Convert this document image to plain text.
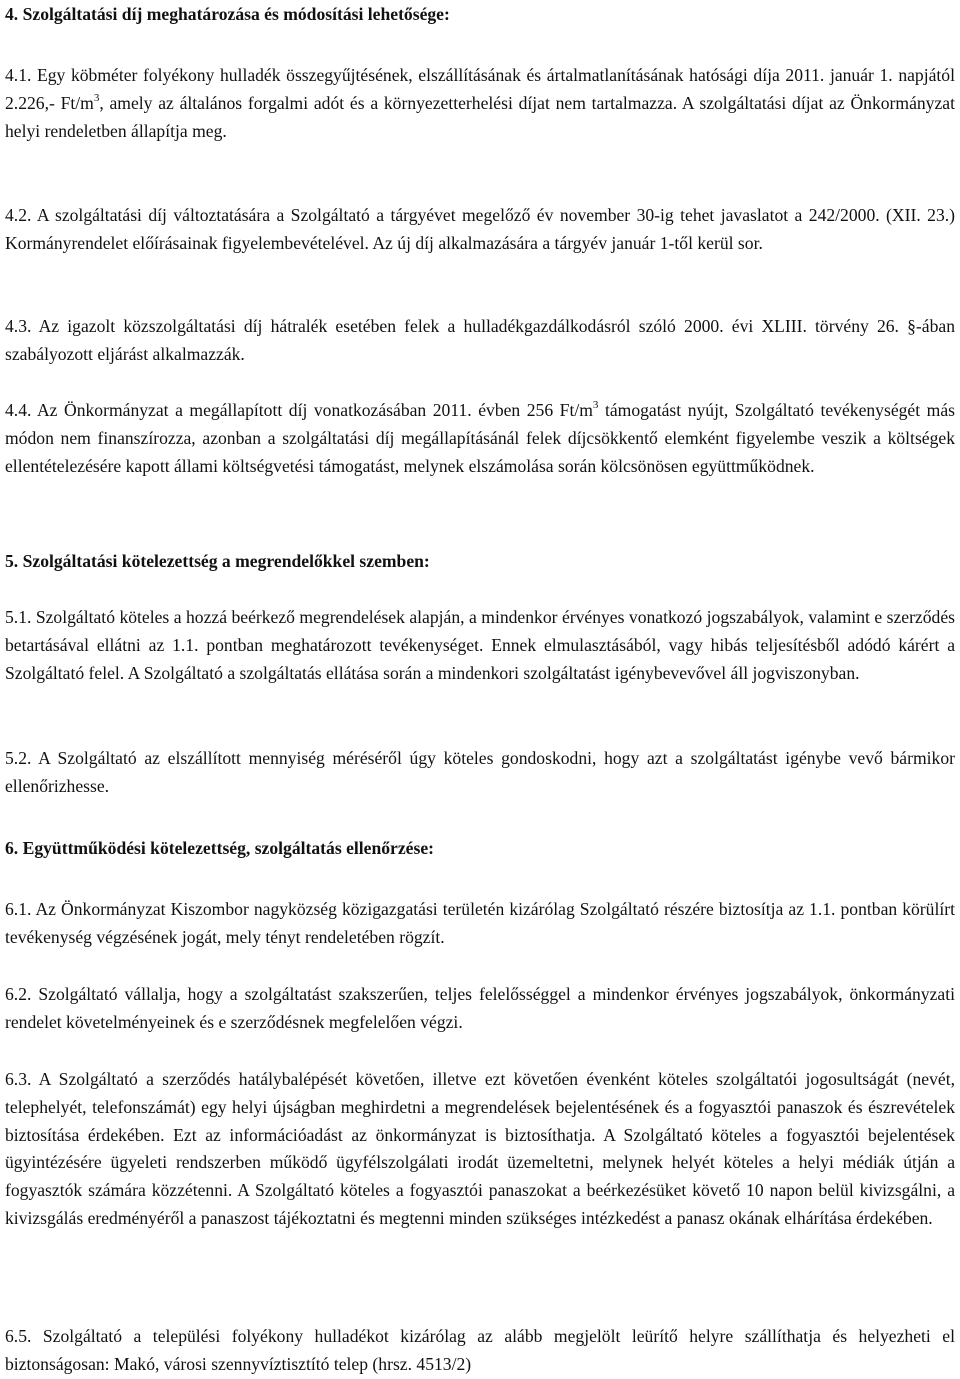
4. Szolgáltatási díj meghatározása és módosítási lehetősége:

4.1. Egy köbméter folyékony hulladék összegyűjtésének, elszállításának és ártalmatlanításának hatósági díja 2011. január 1. napjától 2.226,- $Ft/m^3$, amely az általános forgalmi adót és a környezetterhelési díjat nem tartalmazza. A szolgáltatási díjat az Önkormányzat helyi rendeletben állapítja meg.

4.2. A szolgáltatási díj változtatására a Szolgáltató a tárgyévet megelőző év november 30-ig tehet javaslatot a 242/2000. (XII. 23.) Kormányrendelet előírásainak figyelembevételével. Az új díj alkalmazására a tárgyév január 1-től kerül sor.

4.3. Az igazolt közszolgáltatási díj hátralék esetében felek a hulladékgazdálkodásról szóló 2000. évi XLIII. törvény 26. §-ában szabályozott eljárást alkalmazzák.

4.4. Az Önkormányzat a megállapított díj vonatkozásában 2011. évben 256 $Ft/m^3$ támogatást nyújt, Szolgáltató tevékenységét más módon nem finanszírozza, azonban a szolgáltatási díj megállapításánál felek díjcsökkentő elemként figyelembe veszik a költségek ellentételezésére kapott állami költségvetési támogatást, melynek elszámolása során kölcsönösen együttműködnek.

5. Szolgáltatási kötelezettség a megrendelőkkel szemben:

5.1. Szolgáltató köteles a hozzá beérkező megrendelések alapján, a mindenkor érvényes vonatkozó jogszabályok, valamint e szerződés betartásával ellátni az 1.1. pontban meghatározott tevékenységet. Ennek elmulasztásából, vagy hibás teljesítésből adódó kárért a Szolgáltató felel. A Szolgáltató a szolgáltatás ellátása során a mindenkori szolgáltatást igénybevevővel áll jogviszonyban.

5.2. A Szolgáltató az elszállított mennyiség méréséről úgy köteles gondoskodni, hogy azt a szolgáltatást igénybe vevő bármikor ellenőrizhesse.

6. Együttműködési kötelezettség, szolgáltatás ellenőrzése:

6.1. Az Önkormányzat Kiszombor nagyközség közigazgatási területén kizárólag Szolgáltató részére biztosítja az 1.1. pontban körülírt tevékenység végzésének jogát, mely tényt rendeletében rögzít.

6.2. Szolgáltató vállalja, hogy a szolgáltatást szakszerűen, teljes felelősséggel a mindenkor érvényes jogszabályok, önkormányzati rendelet követelményeinek és e szerződésnek megfelelően végzi.

6.3. A Szolgáltató a szerződés hatálybalépését követően, illetve ezt követően évenként köteles szolgáltatói jogosultságát (nevét, telephelyét, telefonszámát) egy helyi újságban meghirdetni a megrendelések bejelentésének és a fogyasztói panaszok és észrevételek biztosítása érdekében. Ezt az információadást az önkormányzat is biztosíthatja. A Szolgáltató köteles a fogyasztói bejelentések ügyintézésére ügyeleti rendszerben működő ügyfélszolgálati irodát üzemeltetni, melynek helyét köteles a helyi médiák útján a fogyasztók számára közzétenni. A Szolgáltató köteles a fogyasztói panaszokat a beérkezésüket követő 10 napon belül kivizsgálni, a kivizsgálás eredményéről a panaszost tájékoztatni és megtenni minden szükséges intézkedést a panasz okának elhárítása érdekében.

6.5. Szolgáltató a települési folyékony hulladékot kizárólag az alább megjelölt leürítő helyre szállíthatja és helyezheti el biztonságosan: Makó, városi szennyvíztisztító telep (hrsz. 4513/2)
